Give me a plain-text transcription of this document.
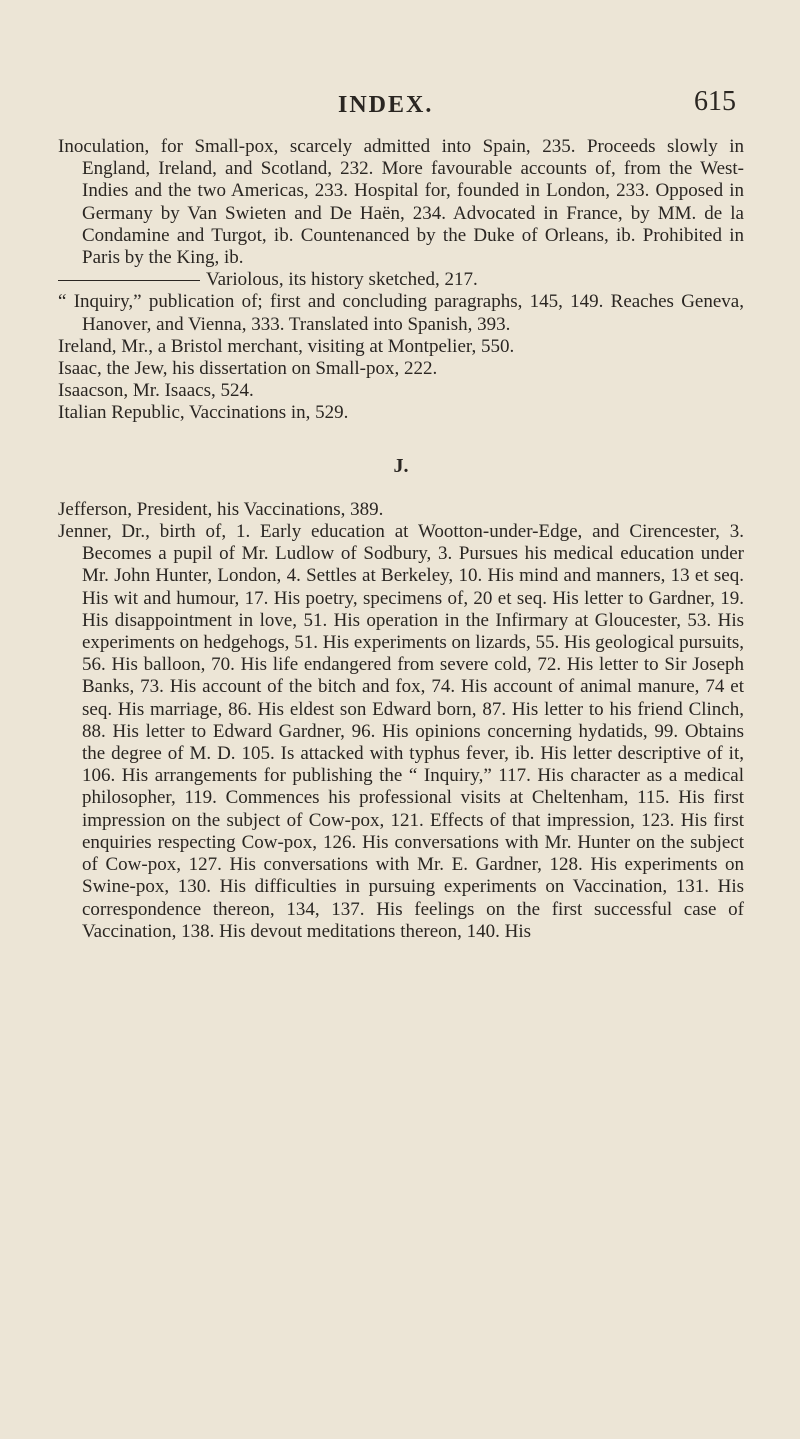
INDEX.	615

Inoculation, for Small-pox, scarcely admitted into Spain, 235. Proceeds slowly in England, Ireland, and Scotland, 232. More favourable accounts of, from the West-Indies and the two Americas, 233. Hospital for, founded in London, 233. Opposed in Germany by Van Swieten and De Haën, 234. Advocated in France, by MM. de la Condamine and Turgot, ib. Countenanced by the Duke of Orleans, ib. Prohibited in Paris by the King, ib.

Variolous, its history sketched, 217.

“ Inquiry,” publication of; first and concluding paragraphs, 145, 149. Reaches Geneva, Hanover, and Vienna, 333. Translated into Spanish, 393.

Ireland, Mr., a Bristol merchant, visiting at Montpelier, 550.

Isaac, the Jew, his dissertation on Small-pox, 222.

Isaacson, Mr. Isaacs, 524.

Italian Republic, Vaccinations in, 529.

J.

Jefferson, President, his Vaccinations, 389.

Jenner, Dr., birth of, 1. Early education at Wootton-under-Edge, and Cirencester, 3. Becomes a pupil of Mr. Ludlow of Sodbury, 3. Pursues his medical education under Mr. John Hunter, London, 4. Settles at Berkeley, 10. His mind and manners, 13 et seq. His wit and humour, 17. His poetry, specimens of, 20 et seq. His letter to Gardner, 19. His disappointment in love, 51. His operation in the Infirmary at Gloucester, 53. His experiments on hedgehogs, 51. His experiments on lizards, 55. His geological pursuits, 56. His balloon, 70. His life endangered from severe cold, 72. His letter to Sir Joseph Banks, 73. His account of the bitch and fox, 74. His account of animal manure, 74 et seq. His marriage, 86. His eldest son Edward born, 87. His letter to his friend Clinch, 88. His letter to Edward Gardner, 96. His opinions concerning hydatids, 99. Obtains the degree of M. D. 105. Is attacked with typhus fever, ib. His letter descriptive of it, 106. His arrangements for publishing the “ Inquiry,” 117. His character as a medical philosopher, 119. Commences his professional visits at Cheltenham, 115. His first impression on the subject of Cow-pox, 121. Effects of that impression, 123. His first enquiries respecting Cow-pox, 126. His conversations with Mr. Hunter on the subject of Cow-pox, 127. His conversations with Mr. E. Gardner, 128. His experiments on Swine-pox, 130. His difficulties in pursuing experiments on Vaccination, 131. His correspondence thereon, 134, 137. His feelings on the first successful case of Vaccination, 138. His devout meditations thereon, 140. His
